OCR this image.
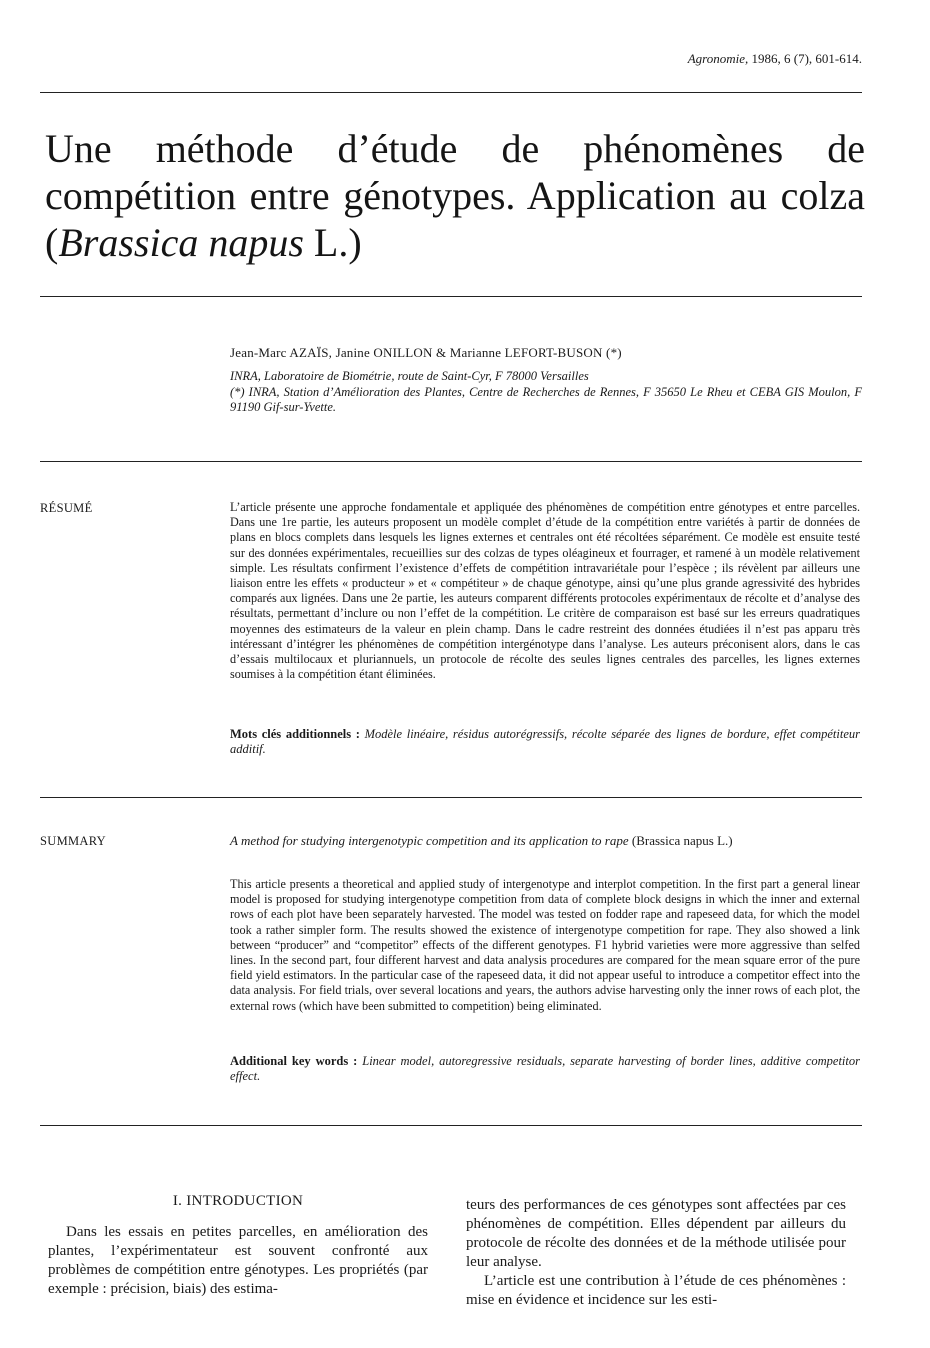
Agronomie, 1986, 6 (7), 601-614.
Une méthode d’étude de phénomènes de compétition entre génotypes. Application au colza (Brassica napus L.)
Jean-Marc AZAÏS, Janine ONILLON & Marianne LEFORT-BUSON (*)
INRA, Laboratoire de Biométrie, route de Saint-Cyr, F 78000 Versailles
(*) INRA, Station d’Amélioration des Plantes, Centre de Recherches de Rennes, F 35650 Le Rheu et CEBA GIS Moulon, F 91190 Gif-sur-Yvette.
RÉSUMÉ	L’article présente une approche fondamentale et appliquée des phénomènes de compétition entre génotypes et entre parcelles. Dans une 1re partie, les auteurs proposent un modèle complet d’étude de la compétition entre variétés à partir de données de plans en blocs complets dans lesquels les lignes externes et centrales ont été récoltées séparément. Ce modèle est ensuite testé sur des données expérimentales, recueillies sur des colzas de types oléagineux et fourrager, et ramené à un modèle relativement simple. Les résultats confirment l’existence d’effets de compétition intravariétale pour l’espèce ; ils révèlent par ailleurs une liaison entre les effets « producteur » et « compétiteur » de chaque génotype, ainsi qu’une plus grande agressivité des hybrides comparés aux lignées. Dans une 2e partie, les auteurs comparent différents protocoles expérimentaux de récolte et d’analyse des résultats, permettant d’inclure ou non l’effet de la compétition. Le critère de comparaison est basé sur les erreurs quadratiques moyennes des estimateurs de la valeur en plein champ. Dans le cadre restreint des données étudiées il n’est pas apparu très intéressant d’intégrer les phénomènes de compétition intergénotype dans l’analyse. Les auteurs préconisent alors, dans le cas d’essais multilocaux et pluriannuels, un protocole de récolte des seules lignes centrales des parcelles, les lignes externes soumises à la compétition étant éliminées.
Mots clés additionnels : Modèle linéaire, résidus autorégressifs, récolte séparée des lignes de bordure, effet compétiteur additif.
SUMMARY	A method for studying intergenotypic competition and its application to rape (Brassica napus L.)
This article presents a theoretical and applied study of intergenotype and interplot competition. In the first part a general linear model is proposed for studying intergenotype competition from data of complete block designs in which the inner and external rows of each plot have been separately harvested. The model was tested on fodder rape and rapeseed data, for which the model took a rather simpler form. The results showed the existence of intergenotype competition for rape. They also showed a link between “producer” and “competitor” effects of the different genotypes. F1 hybrid varieties were more aggressive than selfed lines. In the second part, four different harvest and data analysis procedures are compared for the mean square error of the pure field yield estimators. In the particular case of the rapeseed data, it did not appear useful to introduce a competitor effect into the data analysis. For field trials, over several locations and years, the authors advise harvesting only the inner rows of each plot, the external rows (which have been submitted to competition) being eliminated.
Additional key words : Linear model, autoregressive residuals, separate harvesting of border lines, additive competitor effect.

I. INTRODUCTION

Dans les essais en petites parcelles, en amélioration des plantes, l’expérimentateur est souvent confronté aux problèmes de compétition entre génotypes. Les propriétés (par exemple : précision, biais) des estima-

teurs des performances de ces génotypes sont affectées par ces phénomènes de compétition. Elles dépendent par ailleurs du protocole de récolte des données et de la méthode utilisée pour leur analyse.

L’article est une contribution à l’étude de ces phénomènes : mise en évidence et incidence sur les esti-
